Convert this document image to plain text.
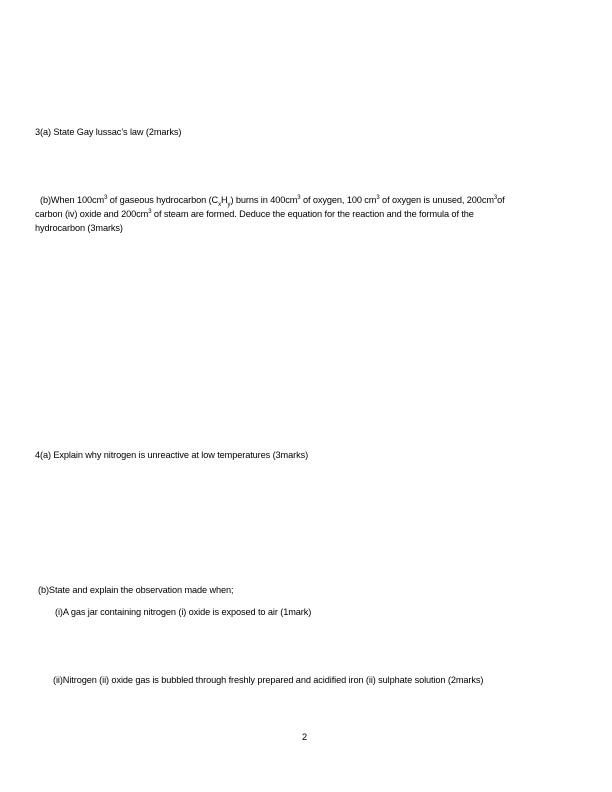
3(a) State Gay lussac’s law (2marks)
(b)When $100cm^3$ of gaseous hydrocarbon $(C_xH_y)$ burns in $400cm^3$ of oxygen, 100 $cm^3$ of oxygen is unused, $200cm^3of$
carbon (iv) oxide and $200cm^3$ of steam are formed. Deduce the equation for the reaction and the formula of the
hydrocarbon (3marks)
4(a) Explain why nitrogen is unreactive at low temperatures (3marks)
(b)State and explain the observation made when;
(i)A gas jar containing nitrogen (i) oxide is exposed to air (1mark)
(ii)Nitrogen (ii) oxide gas is bubbled through freshly prepared and acidified iron (ii) sulphate solution (2marks)
2
